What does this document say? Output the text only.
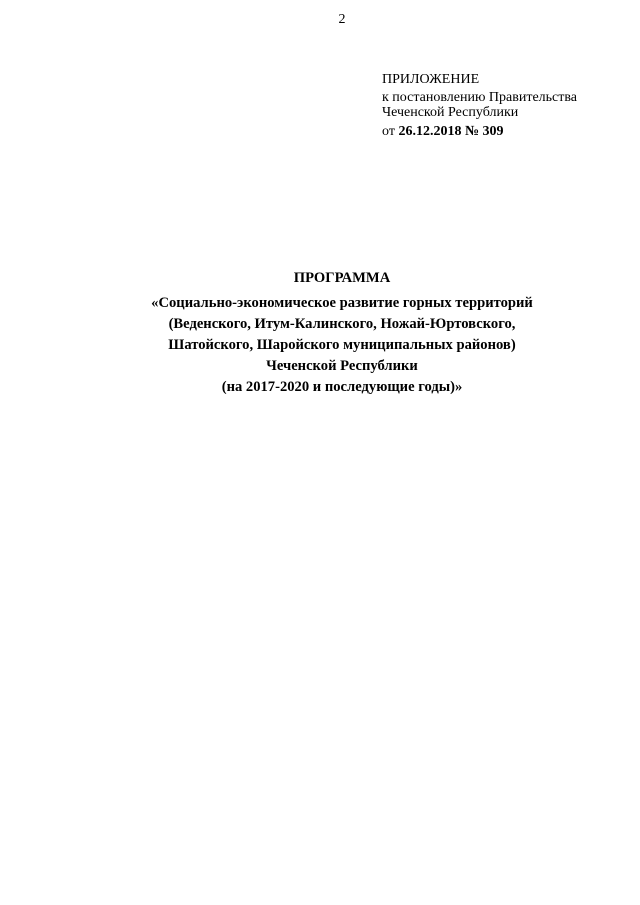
2
ПРИЛОЖЕНИЕ
к постановлению Правительства
Чеченской Республики
от 26.12.2018 № 309
ПРОГРАММА
«Социально-экономическое развитие горных территорий
(Веденского, Итум-Калинского, Ножай-Юртовского,
Шатойского, Шаройского муниципальных районов)
Чеченской Республики
(на 2017-2020 и последующие годы)»
